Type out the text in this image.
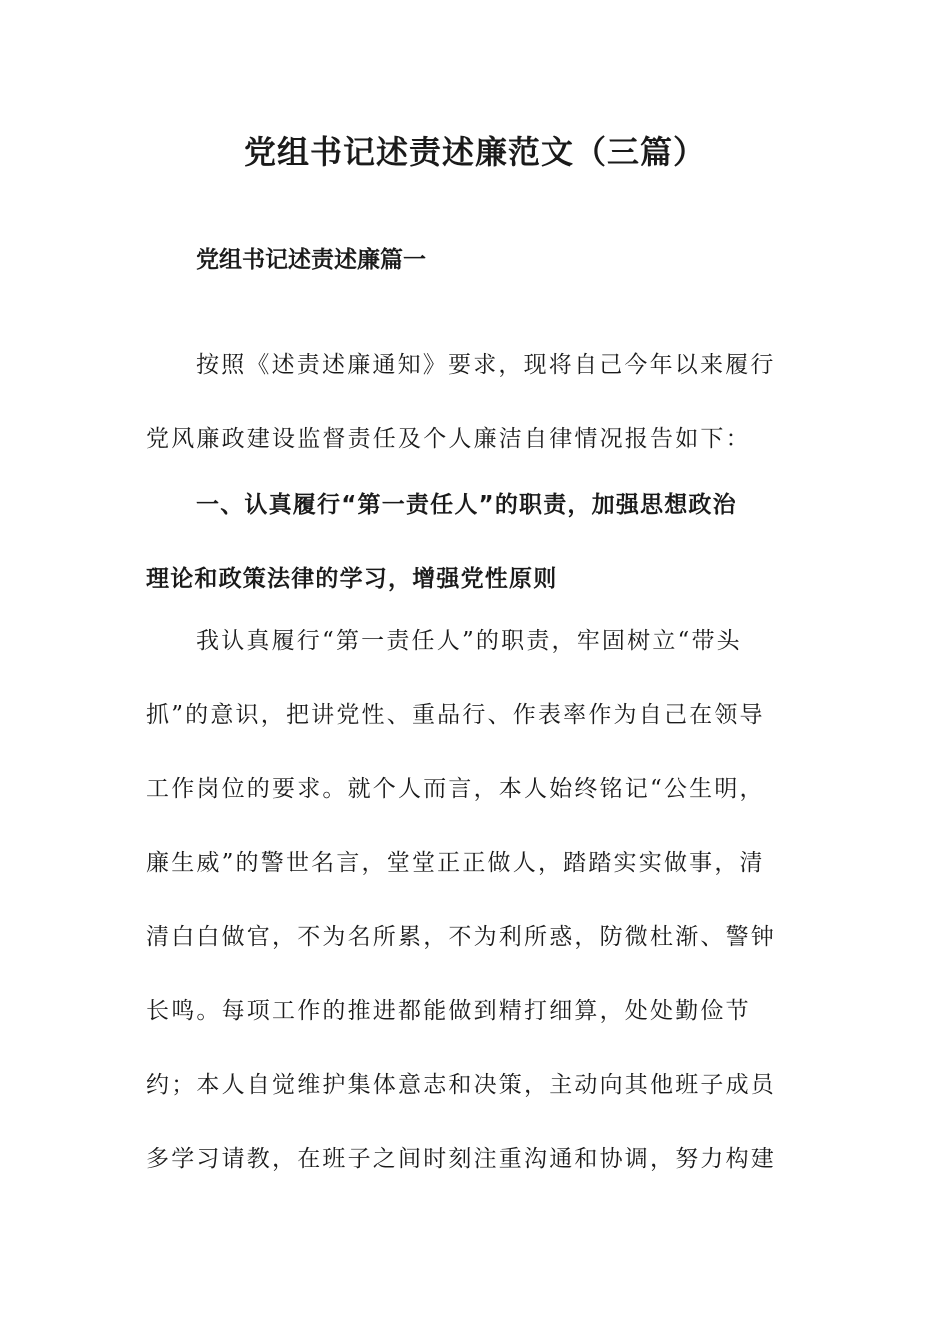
党组书记述责述廉范文（三篇）
党组书记述责述廉篇一
按照《述责述廉通知》要求，现将自己今年以来履行
党风廉政建设监督责任及个人廉洁自律情况报告如下：
一、认真履行“第一责任人”的职责，加强思想政治
理论和政策法律的学习，增强党性原则
我认真履行“第一责任人”的职责，牢固树立“带头
抓”的意识，把讲党性、重品行、作表率作为自己在领导
工作岗位的要求。就个人而言，本人始终铭记“公生明，
廉生威”的警世名言，堂堂正正做人，踏踏实实做事，清
清白白做官，不为名所累，不为利所惑，防微杜渐、警钟
长鸣。每项工作的推进都能做到精打细算，处处勤俭节
约；本人自觉维护集体意志和决策，主动向其他班子成员
多学习请教，在班子之间时刻注重沟通和协调，努力构建
